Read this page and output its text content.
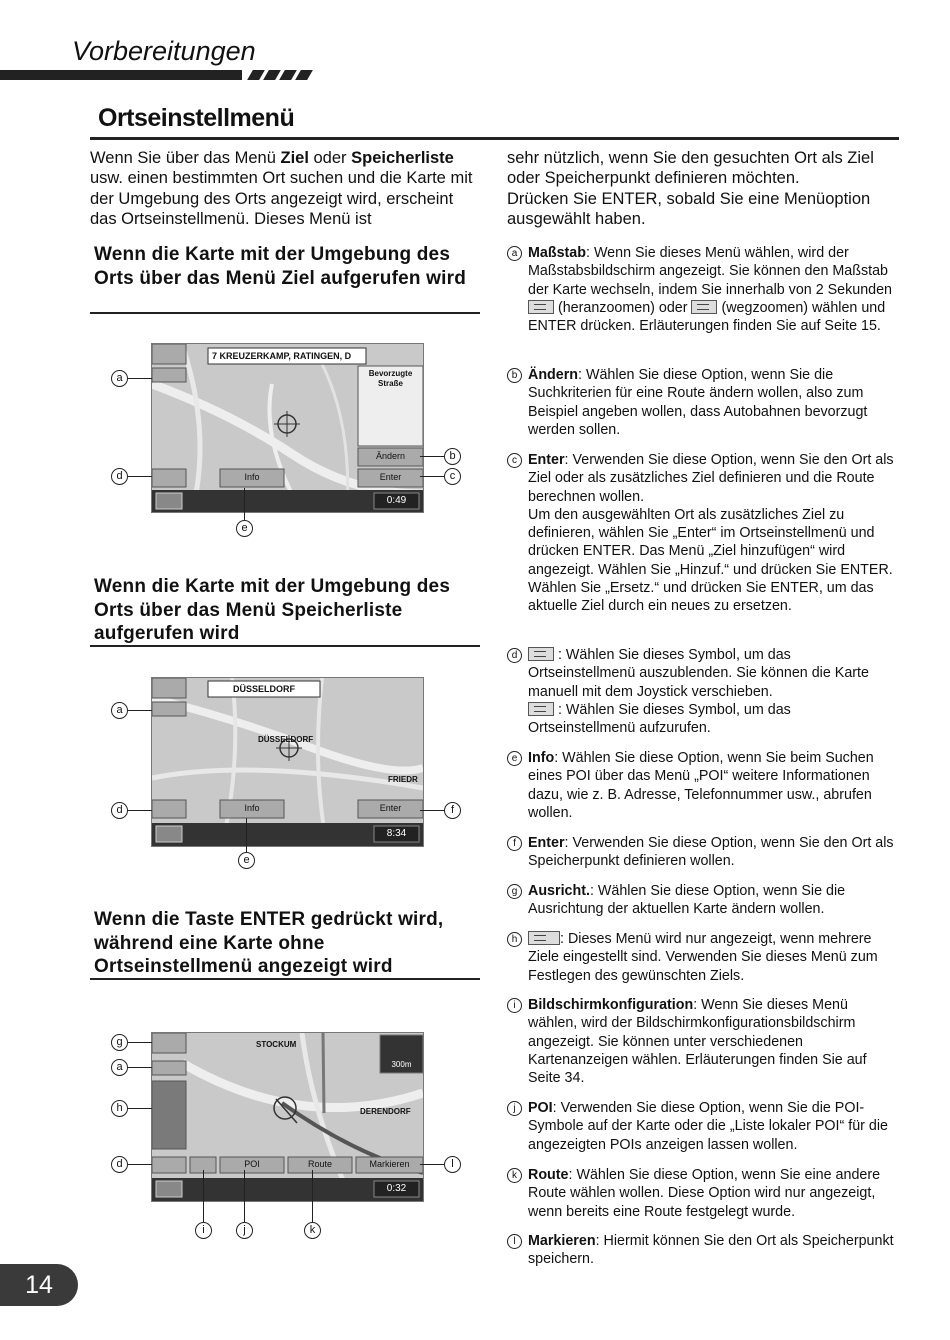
Vorbereitungen
Ortseinstellmenü
Wenn Sie über das Menü Ziel oder Speicherliste usw. einen bestimmten Ort suchen und die Karte mit der Umgebung des Orts angezeigt wird, erscheint das Ortseinstellmenü. Dieses Menü ist
sehr nützlich, wenn Sie den gesuchten Ort als Ziel oder Speicherpunkt definieren möchten.
Drücken Sie ENTER, sobald Sie eine Menüoption ausgewählt haben.
Wenn die Karte mit der Umgebung des Orts über das Menü Ziel aufgerufen wird
7 KREUZERKAMP, RATINGEN, D
Bevorzugte
Straße
Ändern
Enter
Info
0:49
a
d
b
c
e
Wenn die Karte mit der Umgebung des Orts über das Menü Speicherliste aufgerufen wird
DÜSSELDORF
DÜSSELDORF
FRIEDR
Info	Enter
8:34
a
d	f
e
Wenn die Taste ENTER gedrückt wird, während eine Karte ohne Ortseinstellmenü angezeigt wird
STOCKUM
DERENDORF
300m
POI	Route	Markieren
0:32
g
a
h
d	l
i	j	k
a Maßstab: Wenn Sie dieses Menü wählen, wird der Maßstabsbildschirm angezeigt. Sie können den Maßstab der Karte wechseln, indem Sie innerhalb von 2 Sekunden  (heranzoomen) oder  (wegzoomen) wählen und ENTER drücken. Erläuterungen finden Sie auf Seite 15.
b Ändern: Wählen Sie diese Option, wenn Sie die Suchkriterien für eine Route ändern wollen, also zum Beispiel angeben wollen, dass Autobahnen bevorzugt werden sollen.
c Enter: Verwenden Sie diese Option, wenn Sie den Ort als Ziel oder als zusätzliches Ziel definieren und die Route berechnen wollen.
Um den ausgewählten Ort als zusätzliches Ziel zu definieren, wählen Sie „Enter“ im Ortseinstellmenü und drücken ENTER. Das Menü „Ziel hinzufügen“ wird angezeigt. Wählen Sie „Hinzuf.“ und drücken Sie ENTER.
Wählen Sie „Ersetz.“ und drücken Sie ENTER, um das aktuelle Ziel durch ein neues zu ersetzen.
d	: Wählen Sie dieses Symbol, um das Ortseinstellmenü auszublenden. Sie können die Karte manuell mit dem Joystick verschieben.
: Wählen Sie dieses Symbol, um das Ortseinstellmenü aufzurufen.
e Info: Wählen Sie diese Option, wenn Sie beim Suchen eines POI über das Menü „POI“ weitere Informationen dazu, wie z. B. Adresse, Telefonnummer usw., abrufen wollen.
f Enter: Verwenden Sie diese Option, wenn Sie den Ort als Speicherpunkt definieren wollen.
g Ausricht.: Wählen Sie diese Option, wenn Sie die Ausrichtung der aktuellen Karte ändern wollen.
h	: Dieses Menü wird nur angezeigt, wenn mehrere Ziele eingestellt sind. Verwenden Sie dieses Menü zum Festlegen des gewünschten Ziels.
i Bildschirmkonfiguration: Wenn Sie dieses Menü wählen, wird der Bildschirmkonfigurationsbildschirm angezeigt. Sie können unter verschiedenen Kartenanzeigen wählen. Erläuterungen finden Sie auf Seite 34.
j POI: Verwenden Sie diese Option, wenn Sie die POI-Symbole auf der Karte oder die „Liste lokaler POI“ für die angezeigten POIs anzeigen lassen wollen.
k Route: Wählen Sie diese Option, wenn Sie eine andere Route wählen wollen. Diese Option wird nur angezeigt, wenn bereits eine Route festgelegt wurde.
l Markieren: Hiermit können Sie den Ort als Speicherpunkt speichern.
14
